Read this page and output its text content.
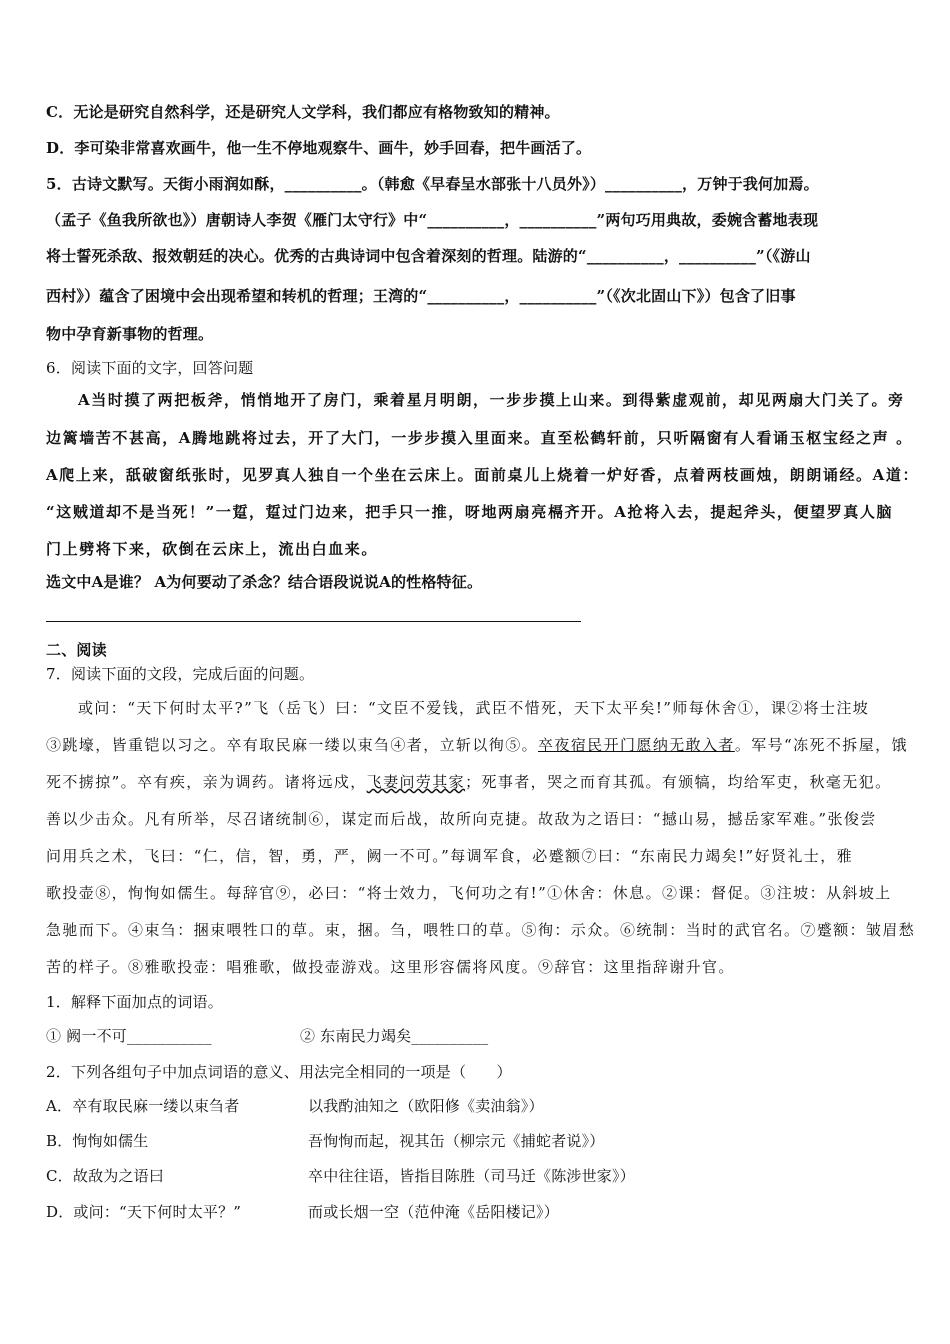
C．无论是研究自然科学，还是研究人文学科，我们都应有格物致知的精神。
D．李可染非常喜欢画牛，他一生不停地观察牛、画牛，妙手回春，把牛画活了。
5．古诗文默写。天街小雨润如酥，__________。（韩愈《早春呈水部张十八员外》）__________，万钟于我何加焉。
（孟子《鱼我所欲也》）唐朝诗人李贺《雁门太守行》中“__________，__________”两句巧用典故，委婉含蓄地表现
将士誓死杀敌、报效朝廷的决心。优秀的古典诗词中包含着深刻的哲理。陆游的“__________，__________”（《游山
西村》）蕴含了困境中会出现希望和转机的哲理；王湾的“__________，__________”（《次北固山下》）包含了旧事
物中孕育新事物的哲理。
6．阅读下面的文字，回答问题
A当时摸了两把板斧，悄悄地开了房门，乘着星月明朗，一步步摸上山来。到得紫虚观前，却见两扇大门关了。旁
边篱墙苦不甚高，A腾地跳将过去，开了大门，一步步摸入里面来。直至松鹤轩前，只听隔窗有人看诵玉枢宝经之声 。
A爬上来，舐破窗纸张时，见罗真人独自一个坐在云床上。面前桌儿上烧着一炉好香，点着两枝画烛，朗朗诵经。A道：
“这贼道却不是当死！”一踅，踅过门边来，把手只一推，呀地两扇亮槅齐开。A抢将入去，提起斧头，便望罗真人脑
门上劈将下来，砍倒在云床上，流出白血来。
选文中A是谁？ A为何要动了杀念？结合语段说说A的性格特征。
二、阅读
7．阅读下面的文段，完成后面的问题。
或问：“天下何时太平?”飞（岳飞）曰：“文臣不爱钱，武臣不惜死，天下太平矣!”师每休舍①，课②将士注坡
③跳壕，皆重铠以习之。卒有取民麻一缕以束刍④者，立斩以徇⑤。卒夜宿民开门愿纳无敢入者。军号“冻死不拆屋，饿
死不掳掠”。卒有疾，亲为调药。诸将远戍，飞妻问劳其家；死事者，哭之而育其孤。有颁犒，均给军吏，秋毫无犯。
善以少击众。凡有所举，尽召诸统制⑥，谋定而后战，故所向克捷。故敌为之语曰：“撼山易，撼岳家军难。”张俊尝
问用兵之术，飞曰：“仁，信，智，勇，严，阙一不可。”每调军食，必蹙额⑦曰：“东南民力竭矣!”好贤礼士，雅
歌投壶⑧，恂恂如儒生。每辞官⑨，必曰：“将士效力，飞何功之有!”①休舍：休息。②课：督促。③注坡：从斜坡上
急驰而下。④束刍：捆束喂牲口的草。束，捆。刍，喂牲口的草。⑤徇：示众。⑥统制：当时的武官名。⑦蹙额：皱眉愁
苦的样子。⑧雅歌投壶：唱雅歌，做投壶游戏。这里形容儒将风度。⑨辞官：这里指辞谢升官。
1．解释下面加点的词语。
① 阙一不可___________	② 东南民力竭矣__________
2．下列各组句子中加点词语的意义、用法完全相同的一项是（　　）
A．卒有取民麻一缕以束刍者	以我酌油知之（欧阳修《卖油翁》）
B．恂恂如儒生	吾恂恂而起，视其缶（柳宗元《捕蛇者说》）
C．故敌为之语曰	卒中往往语，皆指目陈胜（司马迁《陈涉世家》）
D．或问：“天下何时太平？”	而或长烟一空（范仲淹《岳阳楼记》）
